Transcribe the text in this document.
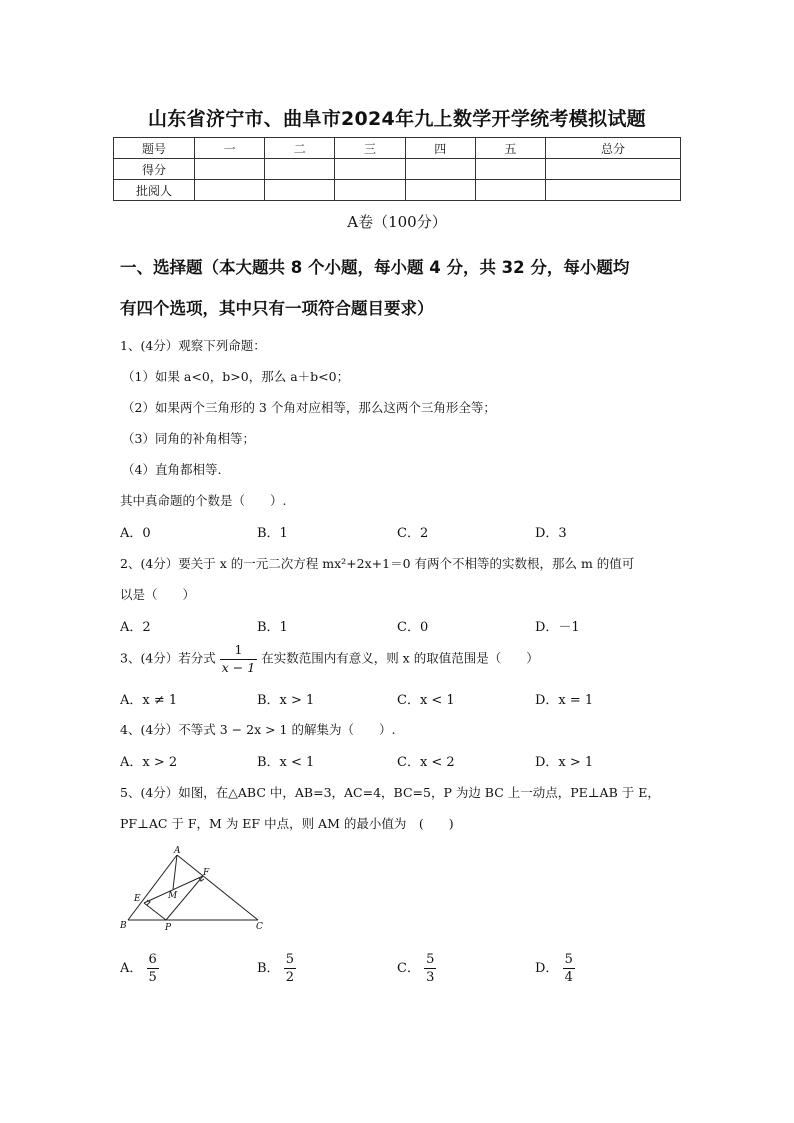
山东省济宁市、曲阜市2024年九上数学开学统考模拟试题
题号	一	二	三	四	五	总分
得分						
批阅人						
A卷（100分）
一、选择题（本大题共 8 个小题，每小题 4 分，共 32 分，每小题均
有四个选项，其中只有一项符合题目要求）
1、(4分）观察下列命题：
（1）如果 a<0，b>0，那么 a＋b<0；
（2）如果两个三角形的 3 个角对应相等，那么这两个三角形全等；
（3）同角的补角相等；
（4）直角都相等.
其中真命题的个数是（　　）.
A．0	B．1	C．2	D．3
2、(4分）要关于 x 的一元二次方程 mx²+2x+1＝0 有两个不相等的实数根，那么 m 的值可
以是（　　）
A．2	B．1	C．0	D．－1
3、(4分）若分式 $\frac{1}{x - 1}$ 在实数范围内有意义，则 x 的取值范围是（　　）
A．x ≠ 1	B．x > 1	C．x < 1	D．x = 1
4、(4分）不等式 3 − 2x > 1 的解集为（　　）.
A．x > 2	B．x < 1	C．x < 2	D．x > 1
5、(4分）如图，在△ABC 中，AB=3，AC=4，BC=5，P 为边 BC 上一动点，PE⊥AB 于 E，
PF⊥AC 于 F，M 为 EF 中点，则 AM 的最小值为　(　　)
A
B	C
E
F
M
P
A． $\frac{6}{5}$	B． $\frac{5}{2}$	C． $\frac{5}{3}$	D． $\frac{5}{4}$
